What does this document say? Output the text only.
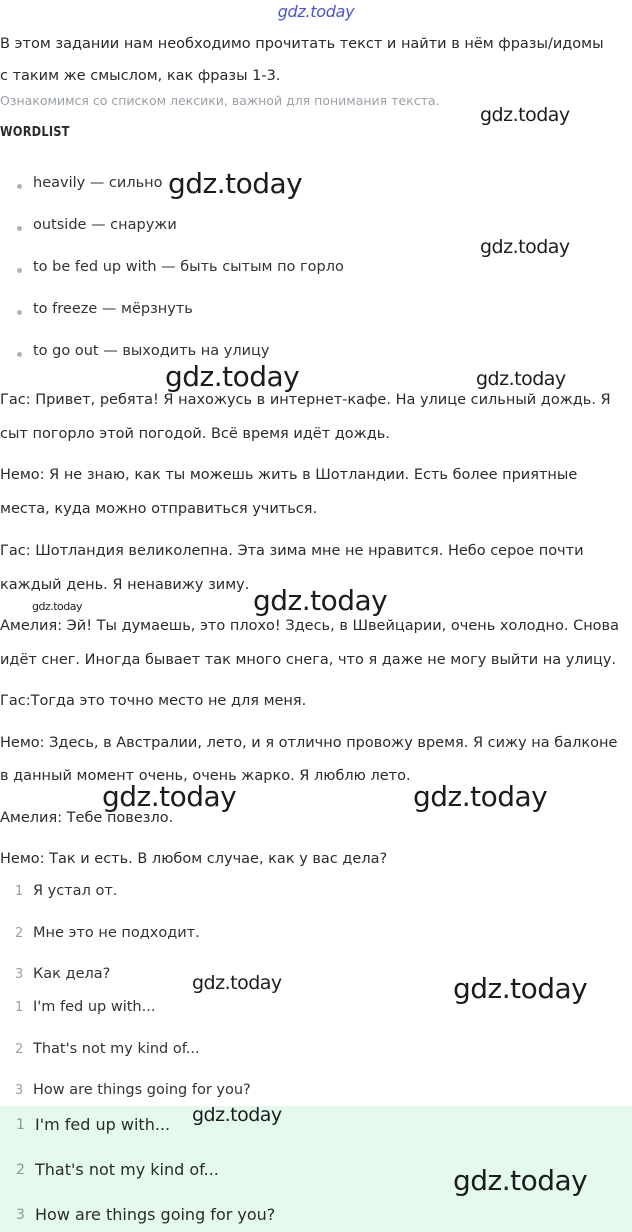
gdz.today
В этом задании нам необходимо прочитать текст и найти в нём фразы/идомы
с таким же смыслом, как фразы 1-3.
Ознакомимся со списком лексики, важной для понимания текста.
WORDLIST
heavily — сильно
outside — снаружи
to be fed up with — быть сытым по горло
to freeze — мёрзнуть
to go out — выходить на улицу
Гас: Привет, ребята! Я нахожусь в интернет-кафе. На улице сильный дождь. Я
сыт погорло этой погодой. Всё время идёт дождь.
Немо: Я не знаю, как ты можешь жить в Шотландии. Есть более приятные
места, куда можно отправиться учиться.
Гас: Шотландия великолепна. Эта зима мне не нравится. Небо серое почти
каждый день. Я ненавижу зиму.
Амелия: Эй! Ты думаешь, это плохо! Здесь, в Швейцарии, очень холодно. Снова
идёт снег. Иногда бывает так много снега, что я даже не могу выйти на улицу.
Гас:Тогда это точно место не для меня.
Немо: Здесь, в Австралии, лето, и я отлично провожу время. Я сижу на балконе
в данный момент очень, очень жарко. Я люблю лето.
Амелия: Тебе повезло.
Немо: Так и есть. В любом случае, как у вас дела?
1 Я устал от.
2 Мне это не подходит.
3 Как дела?
1 I'm fed up with...
2 That's not my kind of...
3 How are things going for you?
1 I'm fed up with...
2 That's not my kind of...
3 How are things going for you?
gdz.today
gdz.today
gdz.today
gdz.today	gdz.today
gdz.today	gdz.today
gdz.today	gdz.today
gdz.today	gdz.today
gdz.today
gdz.today
